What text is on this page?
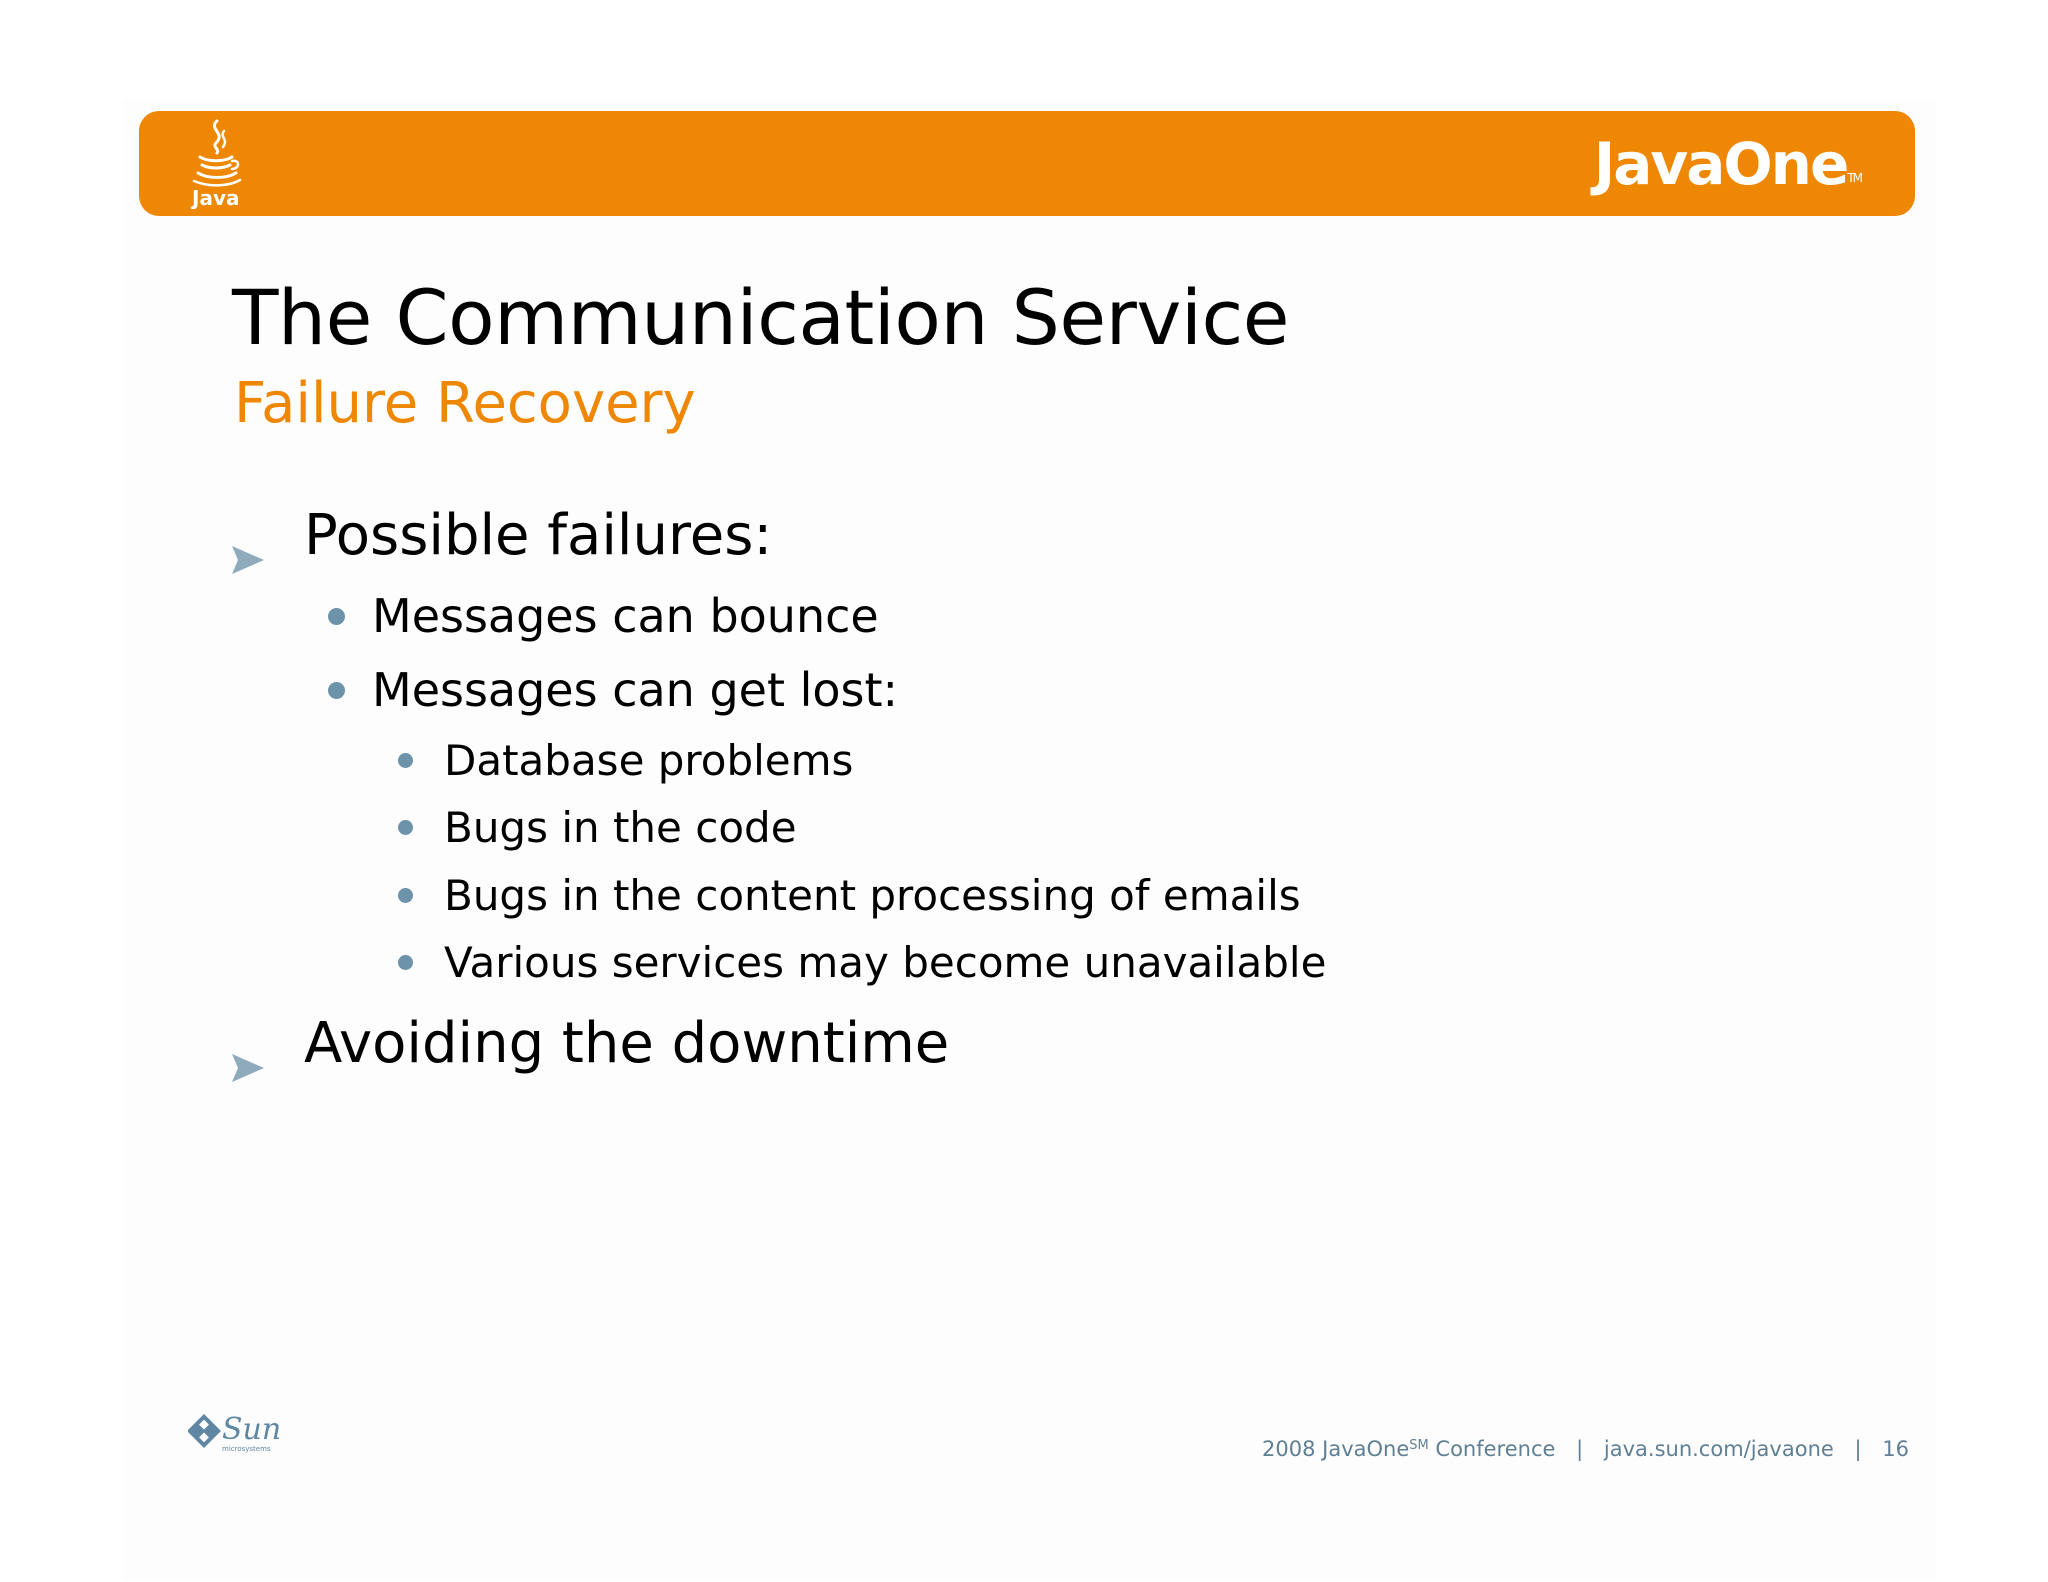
Java	JavaOne™
The Communication Service
Failure Recovery
Possible failures:
Messages can bounce
Messages can get lost:
Database problems
Bugs in the code
Bugs in the content processing of emails
Various services may become unavailable
Avoiding the downtime
Sun
microsystems	2008 JavaOne℠ Conference | java.sun.com/javaone | 16
